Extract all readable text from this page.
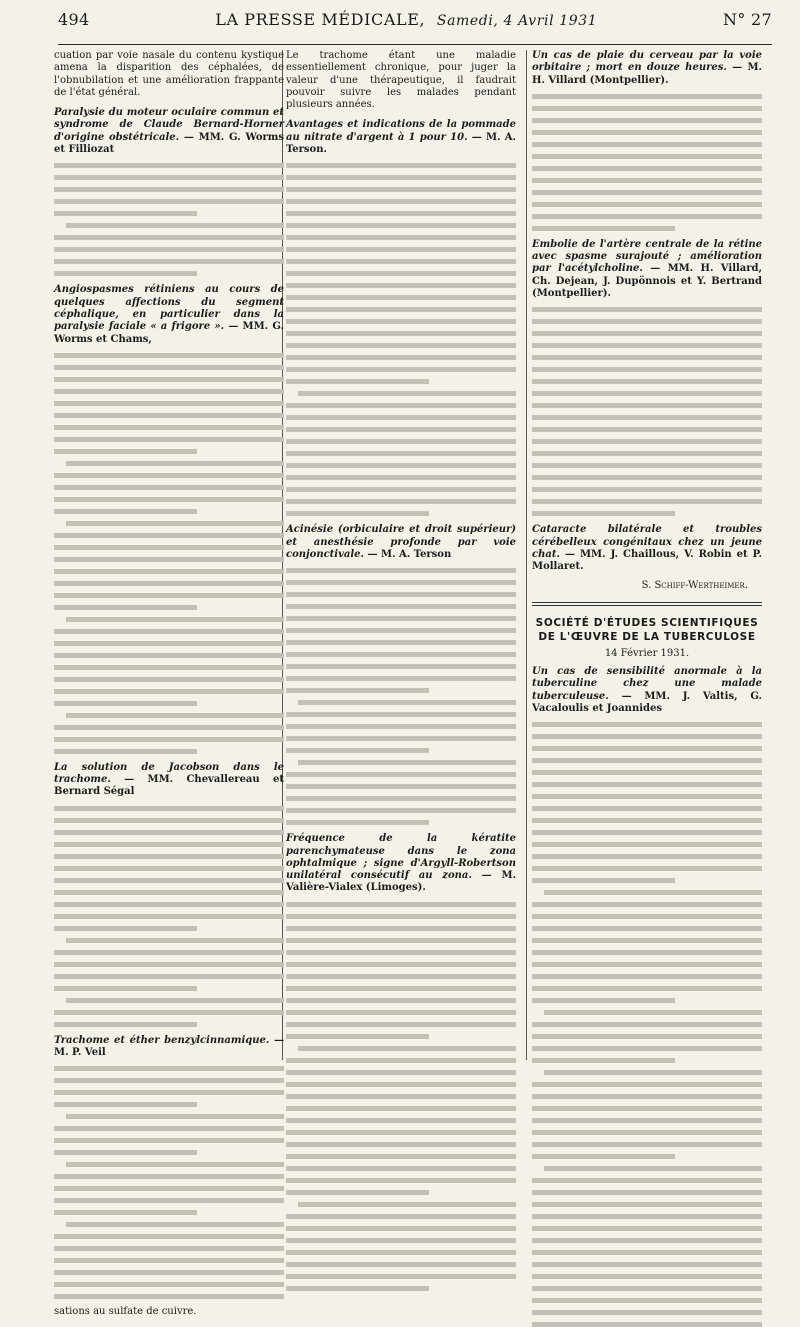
494	LA PRESSE MÉDICALE, Samedi, 4 Avril 1931	N° 27

cuation par voie nasale du contenu kystique amena la disparition des céphalées, de l'obnubilation et une amélioration frappante de l'état général.

Paralysie du moteur oculaire commun et syndrome de Claude Bernard-Horner d'origine obstétricale. — MM. G. Worms et Filliozat

Angiospasmes rétiniens au cours de quelques affections du segment céphalique, en particulier dans la paralysie faciale « a frigore ». — MM. G. Worms et Chams,

La solution de Jacobson dans le trachome. — MM. Chevallereau et Bernard Ségal

Trachome et éther benzylcinnamique. — M. P. Veil

sations au sulfate de cuivre.

Le trachome étant une maladie essentiellement chronique, pour juger la valeur d'une thérapeutique, il faudrait pouvoir suivre les malades pendant plusieurs années.

Avantages et indications de la pommade au nitrate d'argent à 1 pour 10. — M. A. Terson.

Acinésie (orbiculaire et droit supérieur) et anesthésie profonde par voie conjonctivale. — M. A. Terson

Fréquence de la kératite parenchymateuse dans le zona ophtalmique ; signe d'Argyll-Robertson unilatéral consécutif au zona. — M. Valière-Vialex (Limoges).

Un cas de plaie du cerveau par la voie orbitaire ; mort en douze heures. — M. H. Villard (Montpellier).

Embolie de l'artère centrale de la rétine avec spasme surajouté ; amélioration par l'acétylcholine. — MM. H. Villard, Ch. Dejean, J. Dupönnois et Y. Bertrand (Montpellier).

Cataracte bilatérale et troubles cérébelleux congénitaux chez un jeune chat. — MM. J. Chaillous, V. Robin et P. Mollaret.

S. Schiff-Wertheimer.

SOCIÉTÉ D'ÉTUDES SCIENTIFIQUES DE L'ŒUVRE DE LA TUBERCULOSE
14 Février 1931.

Un cas de sensibilité anormale à la tuberculine chez une malade tuberculeuse. — MM. J. Valtis, G. Vacaloulis et Joannides
